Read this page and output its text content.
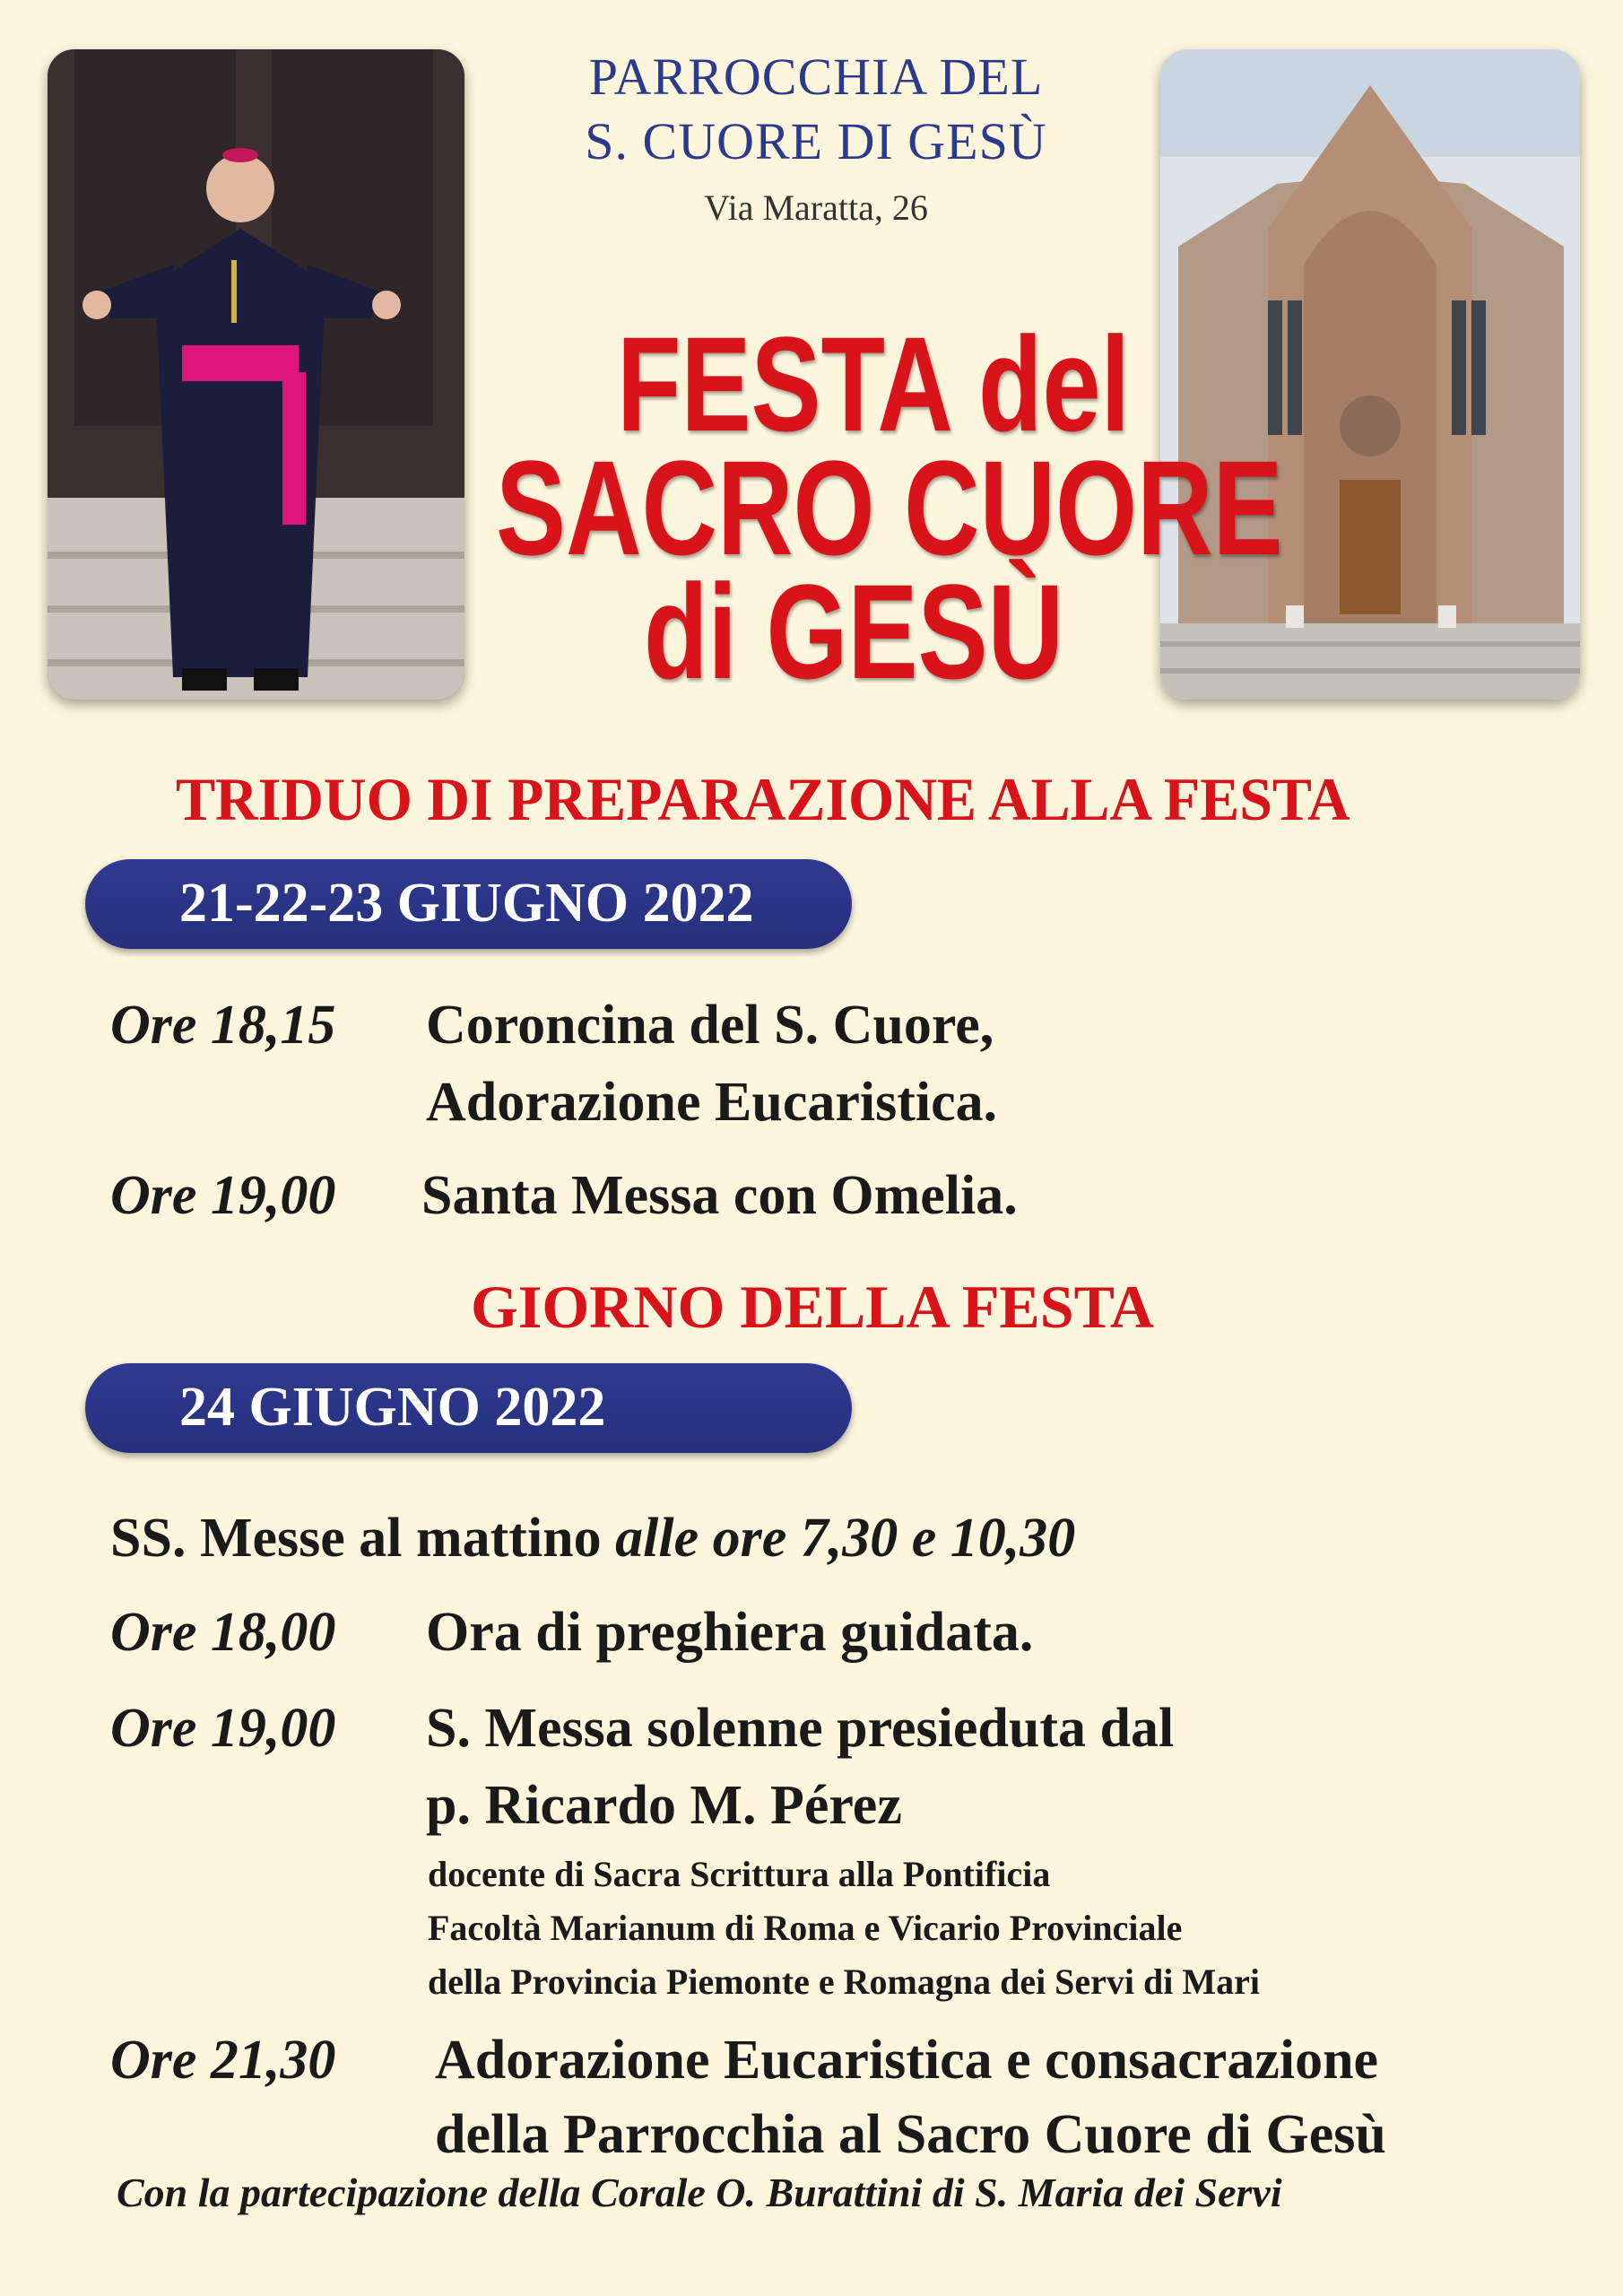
PARROCCHIA DEL
S. CUORE DI GESÙ
Via Maratta, 26
FESTA del
SACRO CUORE
di GESÙ
TRIDUO DI PREPARAZIONE ALLA FESTA
21-22-23 GIUGNO 2022
Ore 18,15 Coroncina del S. Cuore,
Adorazione Eucaristica.
Ore 19,00 Santa Messa con Omelia.
GIORNO DELLA FESTA
24 GIUGNO 2022
SS. Messe al mattino alle ore 7,30 e 10,30
Ore 18,00 Ora di preghiera guidata.
Ore 19,00 S. Messa solenne presieduta dal
p. Ricardo M. Pérez
docente di Sacra Scrittura alla Pontificia
Facoltà Marianum di Roma e Vicario Provinciale
della Provincia Piemonte e Romagna dei Servi di Mari
Ore 21,30 Adorazione Eucaristica e consacrazione
della Parrocchia al Sacro Cuore di Gesù
Con la partecipazione della Corale O. Burattini di S. Maria dei Servi
